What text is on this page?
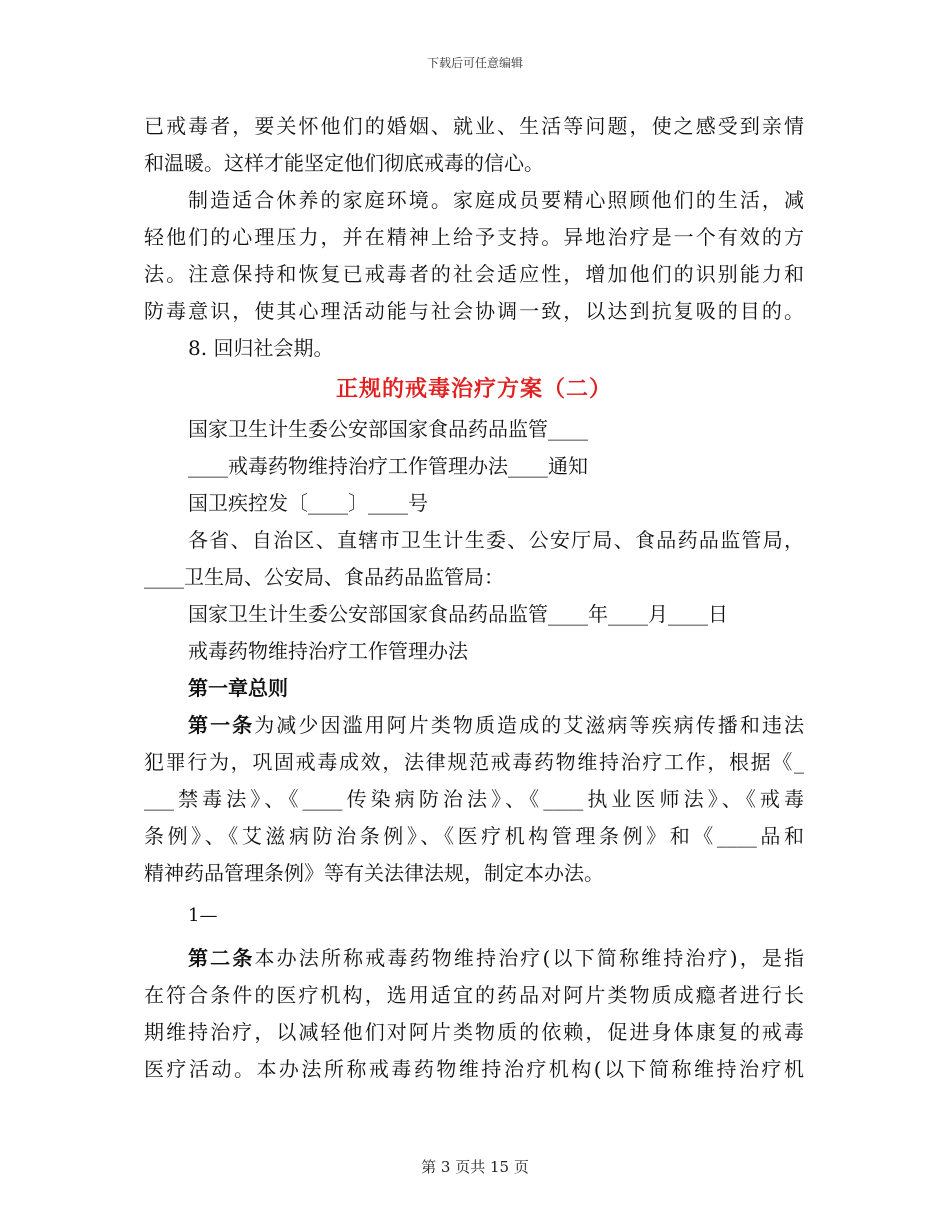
下载后可任意编辑
已戒毒者，要关怀他们的婚姻、就业、生活等问题，使之感受到亲情
和温暖。这样才能坚定他们彻底戒毒的信心。
制造适合休养的家庭环境。家庭成员要精心照顾他们的生活，减
轻他们的心理压力，并在精神上给予支持。异地治疗是一个有效的方
法。注意保持和恢复已戒毒者的社会适应性，增加他们的识别能力和
防毒意识，使其心理活动能与社会协调一致，以达到抗复吸的目的。
8. 回归社会期。
正规的戒毒治疗方案（二）
国家卫生计生委公安部国家食品药品监管____
____戒毒药物维持治疗工作管理办法____通知
国卫疾控发〔____〕____号
各省、自治区、直辖市卫生计生委、公安厅局、食品药品监管局，
____卫生局、公安局、食品药品监管局：
国家卫生计生委公安部国家食品药品监管____年____月____日
戒毒药物维持治疗工作管理办法
第一章总则
第一条为减少因滥用阿片类物质造成的艾滋病等疾病传播和违法
犯罪行为，巩固戒毒成效，法律规范戒毒药物维持治疗工作，根据《_
___禁毒法》、《____传染病防治法》、《____执业医师法》、《戒毒
条例》、《艾滋病防治条例》、《医疗机构管理条例》和《____品和
精神药品管理条例》等有关法律法规，制定本办法。
1—
第二条本办法所称戒毒药物维持治疗(以下简称维持治疗)，是指
在符合条件的医疗机构，选用适宜的药品对阿片类物质成瘾者进行长
期维持治疗，以减轻他们对阿片类物质的依赖，促进身体康复的戒毒
医疗活动。本办法所称戒毒药物维持治疗机构(以下简称维持治疗机
第 3 页共 15 页
